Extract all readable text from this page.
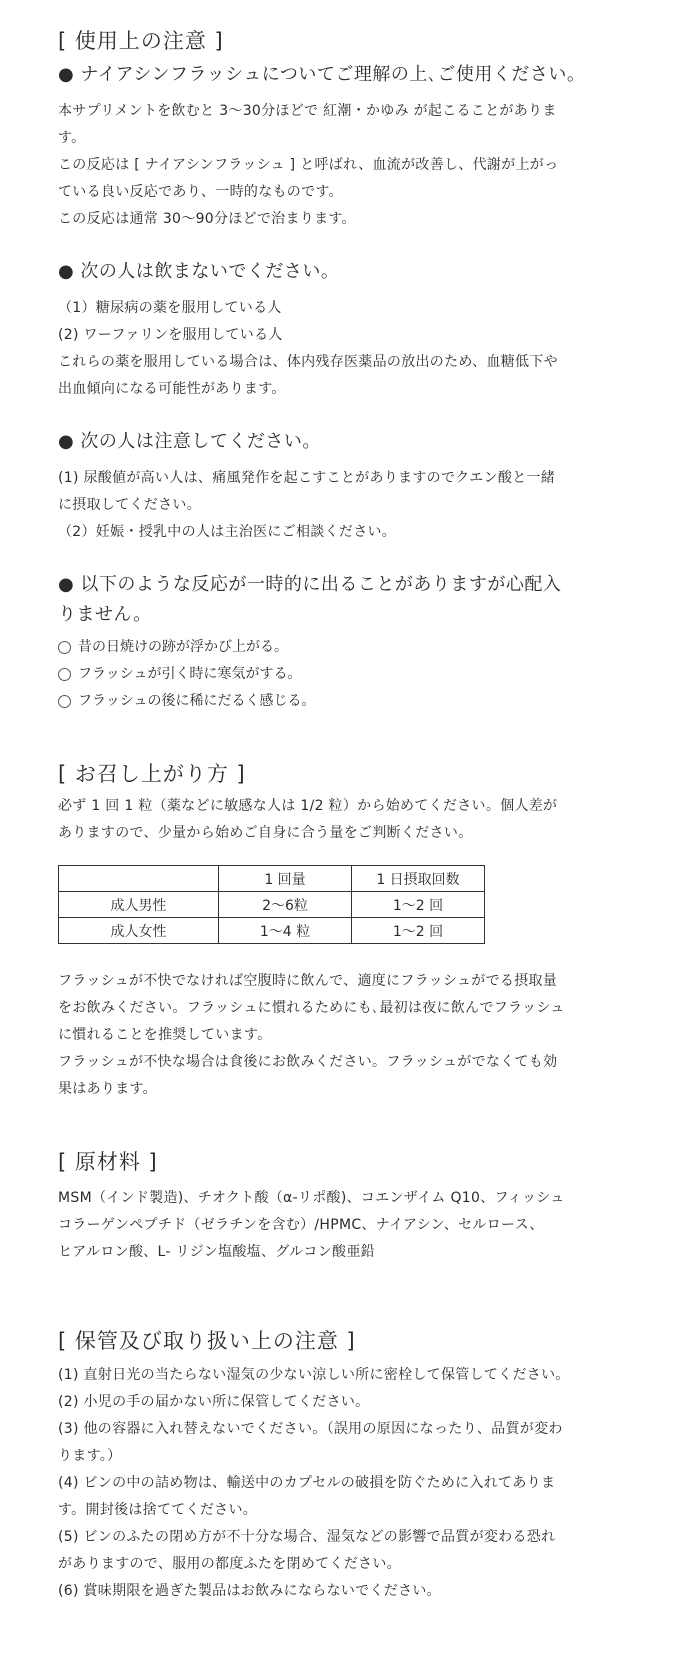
[ 使用上の注意 ]
● ナイアシンフラッシュについてご理解の上､ご使用ください。

本サプリメントを飲むと 3〜30分ほどで 紅潮・かゆみ が起こることがありま

す。

この反応は [ ナイアシンフラッシュ ] と呼ばれ、血流が改善し、代謝が上がっ

ている良い反応であり、一時的なものです。

この反応は通常 30〜90分ほどで治まります。

● 次の人は飲まないでください。

（1）糖尿病の薬を服用している人

(2) ワーファリンを服用している人

これらの薬を服用している場合は、体内残存医薬品の放出のため、血糖低下や

出血傾向になる可能性があります。

● 次の人は注意してください。

(1) 尿酸値が高い人は、痛風発作を起こすことがありますのでクエン酸と一緒

に摂取してください。

（2）妊娠・授乳中の人は主治医にご相談ください。

● 以下のような反応が一時的に出ることがありますが心配入
りません。
昔の日焼けの跡が浮かび上がる。
フラッシュが引く時に寒気がする。
フラッシュの後に稀にだるく感じる。
[ お召し上がり方 ]

必ず 1 回 1 粒（薬などに敏感な人は 1/2 粒）から始めてください。個人差が

ありますので、少量から始めご自身に合う量をご判断ください。

	1 回量	1 日摂取回数
成人男性	2〜6粒	1〜2 回
成人女性	1〜4 粒	1〜2 回

フラッシュが不快でなければ空腹時に飲んで、適度にフラッシュがでる摂取量

をお飲みください。フラッシュに慣れるためにも､最初は夜に飲んでフラッシュ

に慣れることを推奨しています。

フラッシュが不快な場合は食後にお飲みください。フラッシュがでなくても効

果はあります。

[ 原材料 ]

MSM（インド製造)、チオクト酸（α-リポ酸)、コエンザイム Q10、フィッシュ

コラーゲンペプチド（ゼラチンを含む）/HPMC、ナイアシン、セルロース、

ヒアルロン酸、L- リジン塩酸塩、グルコン酸亜鉛

[ 保管及び取り扱い上の注意 ]

(1) 直射日光の当たらない湿気の少ない涼しい所に密栓して保管してください。

(2) 小児の手の届かない所に保管してください。

(3) 他の容器に入れ替えないでください。（誤用の原因になったり、品質が変わ

ります。）

(4) ビンの中の詰め物は、輸送中のカプセルの破損を防ぐために入れてありま

す。開封後は捨ててください。

(5) ビンのふたの閉め方が不十分な場合、湿気などの影響で品質が変わる恐れ

がありますので、服用の都度ふたを閉めてください。

(6) 賞味期限を過ぎた製品はお飲みにならないでください。
